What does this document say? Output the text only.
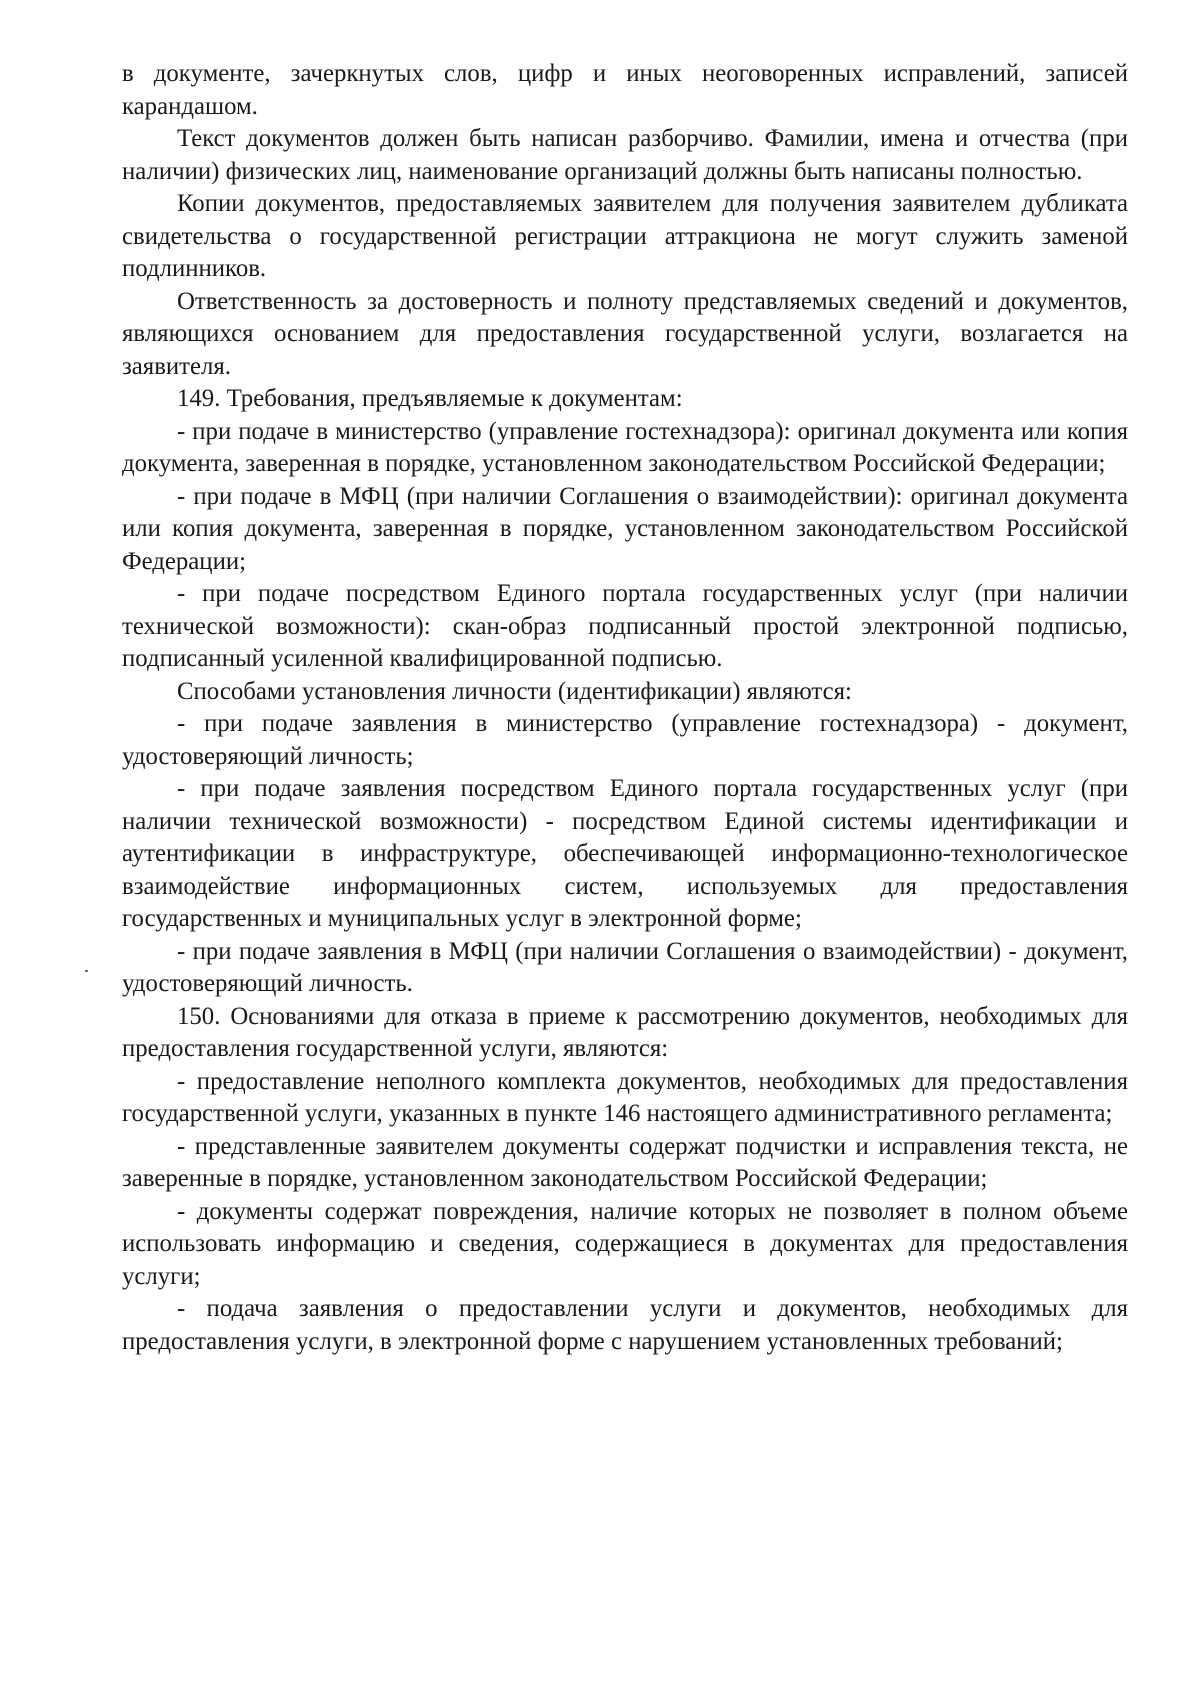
в документе, зачеркнутых слов, цифр и иных неоговоренных исправлений, записей карандашом.

Текст документов должен быть написан разборчиво. Фамилии, имена и отчества (при наличии) физических лиц, наименование организаций должны быть написаны полностью.

Копии документов, предоставляемых заявителем для получения заявителем дубликата свидетельства о государственной регистрации аттракциона не могут служить заменой подлинников.

Ответственность за достоверность и полноту представляемых сведений и документов, являющихся основанием для предоставления государственной услуги, возлагается на заявителя.

149. Требования, предъявляемые к документам:

- при подаче в министерство (управление гостехнадзора): оригинал документа или копия документа, заверенная в порядке, установленном законодательством Российской Федерации;

- при подаче в МФЦ (при наличии Соглашения о взаимодействии): оригинал документа или копия документа, заверенная в порядке, установленном законодательством Российской Федерации;

- при подаче посредством Единого портала государственных услуг (при наличии технической возможности): скан-образ подписанный простой электронной подписью, подписанный усиленной квалифицированной подписью.

Способами установления личности (идентификации) являются:

- при подаче заявления в министерство (управление гостехнадзора) - документ, удостоверяющий личность;

- при подаче заявления посредством Единого портала государственных услуг (при наличии технической возможности) - посредством Единой системы идентификации и аутентификации в инфраструктуре, обеспечивающей информационно-технологическое взаимодействие информационных систем, используемых для предоставления государственных и муниципальных услуг в электронной форме;

- при подаче заявления в МФЦ (при наличии Соглашения о взаимодействии) - документ, удостоверяющий личность.

150. Основаниями для отказа в приеме к рассмотрению документов, необходимых для предоставления государственной услуги, являются:

- предоставление неполного комплекта документов, необходимых для предоставления государственной услуги, указанных в пункте 146 настоящего административного регламента;

- представленные заявителем документы содержат подчистки и исправления текста, не заверенные в порядке, установленном законодательством Российской Федерации;

- документы содержат повреждения, наличие которых не позволяет в полном объеме использовать информацию и сведения, содержащиеся в документах для предоставления услуги;

- подача заявления о предоставлении услуги и документов, необходимых для предоставления услуги, в электронной форме с нарушением установленных требований;
